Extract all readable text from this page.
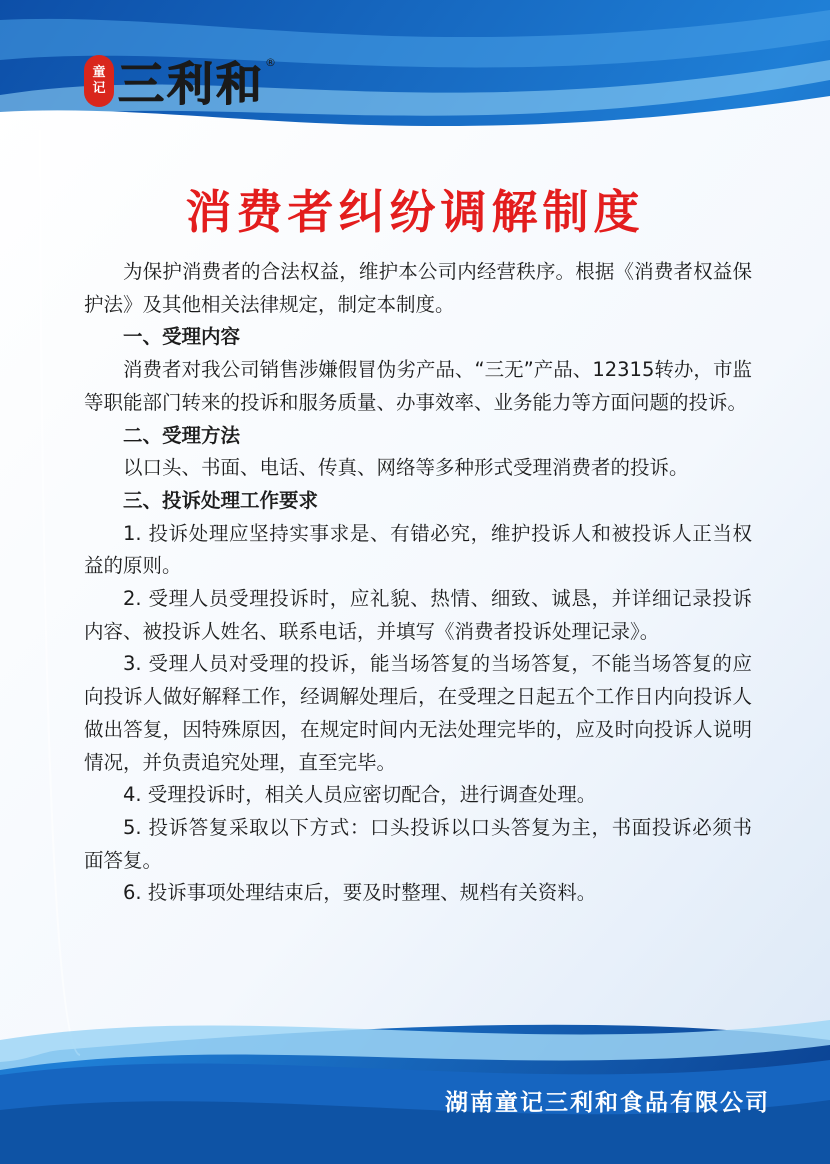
童
记 三利和 ®
消费者纠纷调解制度

为保护消费者的合法权益，维护本公司内经营秩序。根据《消费者权益保护法》及其他相关法律规定，制定本制度。

一、受理内容

消费者对我公司销售涉嫌假冒伪劣产品、“三无”产品、12315转办，市监等职能部门转来的投诉和服务质量、办事效率、业务能力等方面问题的投诉。

二、受理方法

以口头、书面、电话、传真、网络等多种形式受理消费者的投诉。

三、投诉处理工作要求

1. 投诉处理应坚持实事求是、有错必究，维护投诉人和被投诉人正当权益的原则。

2. 受理人员受理投诉时，应礼貌、热情、细致、诚恳，并详细记录投诉内容、被投诉人姓名、联系电话，并填写《消费者投诉处理记录》。

3. 受理人员对受理的投诉，能当场答复的当场答复，不能当场答复的应向投诉人做好解释工作，经调解处理后，在受理之日起五个工作日内向投诉人做出答复，因特殊原因，在规定时间内无法处理完毕的，应及时向投诉人说明情况，并负责追究处理，直至完毕。

4. 受理投诉时，相关人员应密切配合，进行调查处理。

5. 投诉答复采取以下方式：口头投诉以口头答复为主，书面投诉必须书面答复。

6. 投诉事项处理结束后，要及时整理、规档有关资料。

湖南童记三利和食品有限公司
